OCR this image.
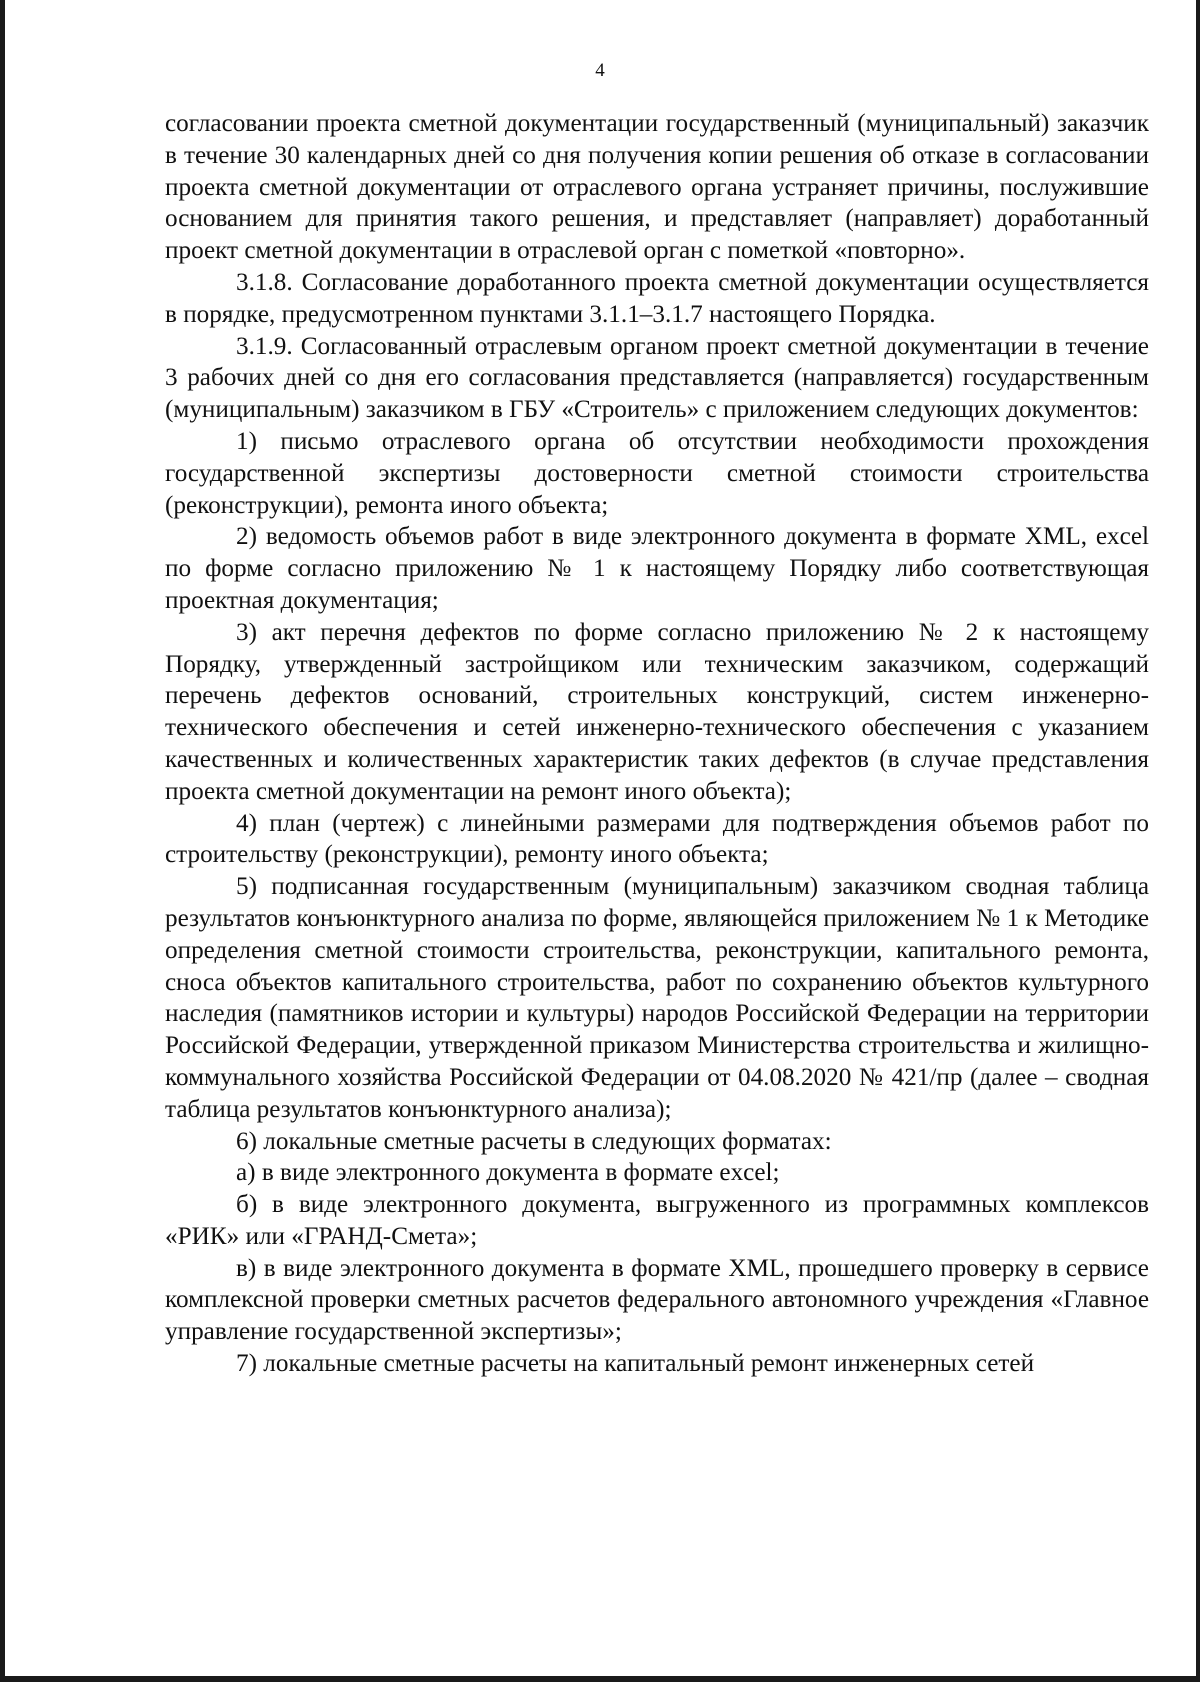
4

согласовании проекта сметной документации государственный (муниципальный) заказчик в течение 30 календарных дней со дня получения копии решения об отказе в согласовании проекта сметной документации от отраслевого органа устраняет причины, послужившие основанием для принятия такого решения, и представляет (направляет) доработанный проект сметной документации в отраслевой орган с пометкой «повторно».

3.1.8. Согласование доработанного проекта сметной документации осуществляется в порядке, предусмотренном пунктами 3.1.1–3.1.7 настоящего Порядка.

3.1.9. Согласованный отраслевым органом проект сметной документации в течение 3 рабочих дней со дня его согласования представляется (направляется) государственным (муниципальным) заказчиком в ГБУ «Строитель» с приложением следующих документов:

1) письмо отраслевого органа об отсутствии необходимости прохождения государственной экспертизы достоверности сметной стоимости строительства (реконструкции), ремонта иного объекта;

2) ведомость объемов работ в виде электронного документа в формате XML, excel по форме согласно приложению № 1 к настоящему Порядку либо соответствующая проектная документация;

3) акт перечня дефектов по форме согласно приложению № 2 к настоящему Порядку, утвержденный застройщиком или техническим заказчиком, содержащий перечень дефектов оснований, строительных конструкций, систем инженерно-технического обеспечения и сетей инженерно-технического обеспечения с указанием качественных и количественных характеристик таких дефектов (в случае представления проекта сметной документации на ремонт иного объекта);

4) план (чертеж) с линейными размерами для подтверждения объемов работ по строительству (реконструкции), ремонту иного объекта;

5) подписанная государственным (муниципальным) заказчиком сводная таблица результатов конъюнктурного анализа по форме, являющейся приложением № 1 к Методике определения сметной стоимости строительства, реконструкции, капитального ремонта, сноса объектов капитального строительства, работ по сохранению объектов культурного наследия (памятников истории и культуры) народов Российской Федерации на территории Российской Федерации, утвержденной приказом Министерства строительства и жилищно-коммунального хозяйства Российской Федерации от 04.08.2020 № 421/пр (далее – сводная таблица результатов конъюнктурного анализа);

6) локальные сметные расчеты в следующих форматах:

а) в виде электронного документа в формате excel;

б) в виде электронного документа, выгруженного из программных комплексов «РИК» или «ГРАНД-Смета»;

в) в виде электронного документа в формате XML, прошедшего проверку в сервисе комплексной проверки сметных расчетов федерального автономного учреждения «Главное управление государственной экспертизы»;

7) локальные сметные расчеты на капитальный ремонт инженерных сетей
